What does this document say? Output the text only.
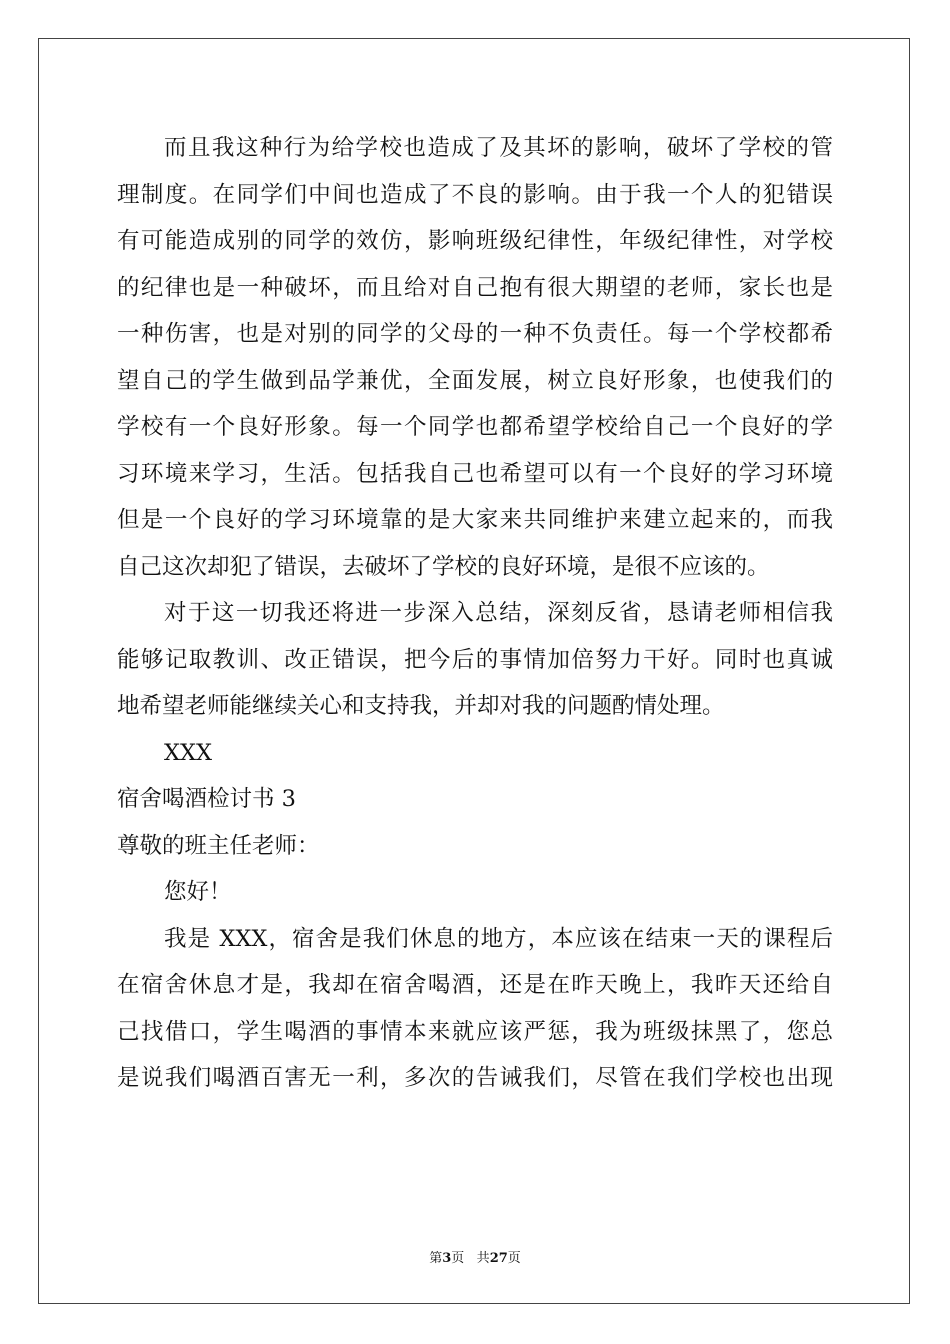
而且我这种行为给学校也造成了及其坏的影响，破坏了学校的管
理制度。在同学们中间也造成了不良的影响。由于我一个人的犯错误
有可能造成别的同学的效仿，影响班级纪律性，年级纪律性，对学校
的纪律也是一种破坏，而且给对自己抱有很大期望的老师，家长也是
一种伤害，也是对别的同学的父母的一种不负责任。每一个学校都希
望自己的学生做到品学兼优，全面发展，树立良好形象，也使我们的
学校有一个良好形象。每一个同学也都希望学校给自己一个良好的学
习环境来学习，生活。包括我自己也希望可以有一个良好的学习环境
但是一个良好的学习环境靠的是大家来共同维护来建立起来的，而我
自己这次却犯了错误，去破坏了学校的良好环境，是很不应该的。
对于这一切我还将进一步深入总结，深刻反省，恳请老师相信我
能够记取教训、改正错误，把今后的事情加倍努力干好。同时也真诚
地希望老师能继续关心和支持我，并却对我的问题酌情处理。
XXX
宿舍喝酒检讨书 3
尊敬的班主任老师：
您好！
我是 XXX，宿舍是我们休息的地方，本应该在结束一天的课程后
在宿舍休息才是，我却在宿舍喝酒，还是在昨天晚上，我昨天还给自
己找借口，学生喝酒的事情本来就应该严惩，我为班级抹黑了，您总
是说我们喝酒百害无一利，多次的告诫我们，尽管在我们学校也出现
第3页 共27页
